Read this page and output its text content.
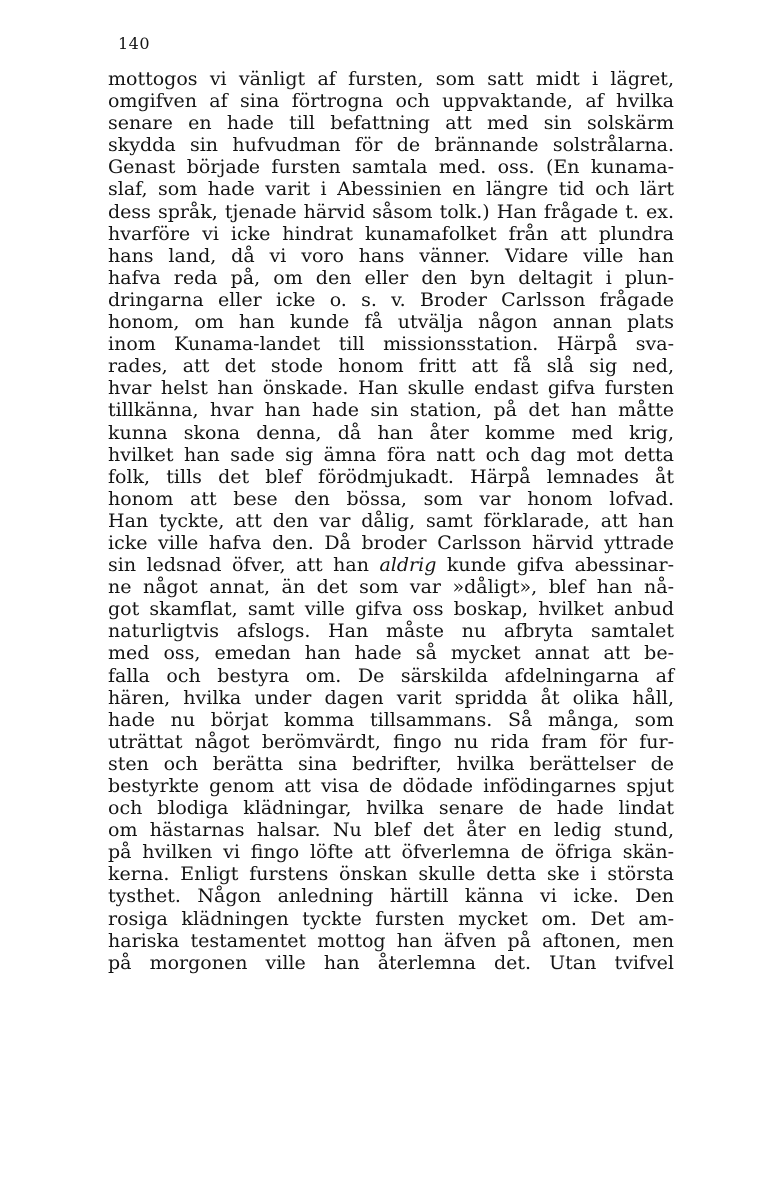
140
mottogos vi vänligt af fursten, som satt midt i lägret,
omgifven af sina förtrogna och uppvaktande, af hvilka
senare en hade till befattning att med sin solskärm
skydda sin hufvudman för de brännande solstrålarna.
Genast började fursten samtala med. oss. (En kunama-
slaf, som hade varit i Abessinien en längre tid och lärt
dess språk, tjenade härvid såsom tolk.) Han frågade t. ex.
hvarföre vi icke hindrat kunamafolket från att plundra
hans land, då vi voro hans vänner. Vidare ville han
hafva reda på, om den eller den byn deltagit i plun-
dringarna eller icke o. s. v. Broder Carlsson frågade
honom, om han kunde få utvälja någon annan plats
inom Kunama-landet till missionsstation. Härpå sva-
rades, att det stode honom fritt att få slå sig ned,
hvar helst han önskade. Han skulle endast gifva fursten
tillkänna, hvar han hade sin station, på det han måtte
kunna skona denna, då han åter komme med krig,
hvilket han sade sig ämna föra natt och dag mot detta
folk, tills det blef förödmjukadt. Härpå lemnades åt
honom att bese den bössa, som var honom lofvad.
Han tyckte, att den var dålig, samt förklarade, att han
icke ville hafva den. Då broder Carlsson härvid yttrade
sin ledsnad öfver, att han aldrig kunde gifva abessinar-
ne något annat, än det som var »dåligt», blef han nå-
got skamflat, samt ville gifva oss boskap, hvilket anbud
naturligtvis afslogs. Han måste nu afbryta samtalet
med oss, emedan han hade så mycket annat att be-
falla och bestyra om. De särskilda afdelningarna af
hären, hvilka under dagen varit spridda åt olika håll,
hade nu börjat komma tillsammans. Så många, som
uträttat något berömvärdt, fingo nu rida fram för fur-
sten och berätta sina bedrifter, hvilka berättelser de
bestyrkte genom att visa de dödade infödingarnes spjut
och blodiga klädningar, hvilka senare de hade lindat
om hästarnas halsar. Nu blef det åter en ledig stund,
på hvilken vi fingo löfte att öfverlemna de öfriga skän-
kerna. Enligt furstens önskan skulle detta ske i största
tysthet. Någon anledning härtill känna vi icke. Den
rosiga klädningen tyckte fursten mycket om. Det am-
hariska testamentet mottog han äfven på aftonen, men
på morgonen ville han återlemna det. Utan tvifvel
